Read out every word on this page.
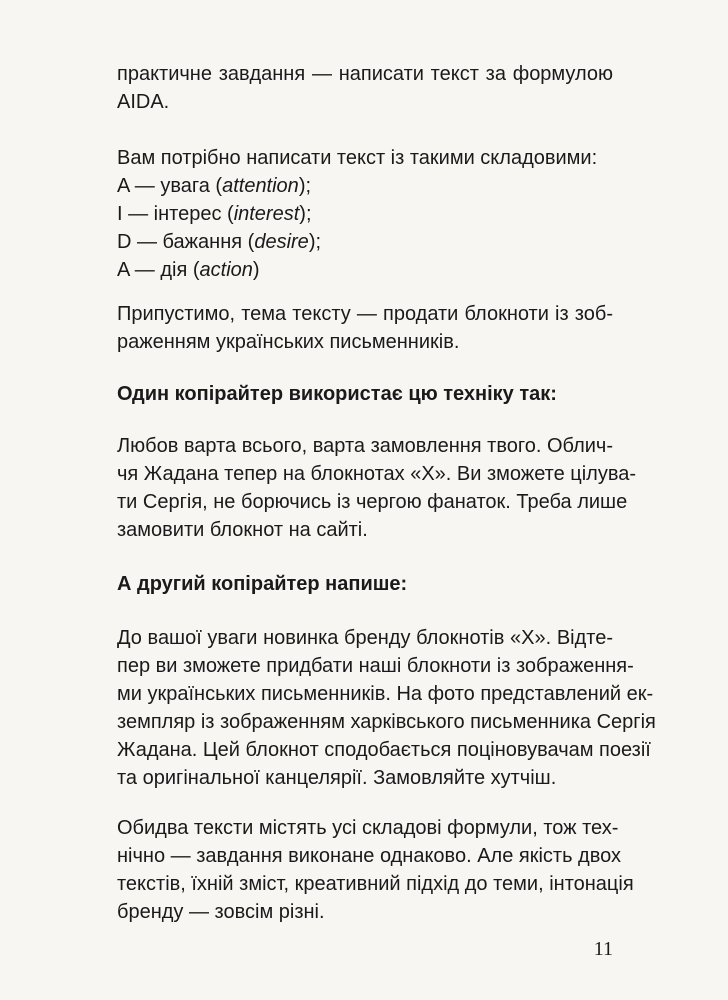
практичне завдання — написати текст за формулою
AIDA.
Вам потрібно написати текст із такими складовими:
A — увага (attention);
I — інтерес (interest);
D — бажання (desire);
A — дія (action)
Припустимо, тема тексту — продати блокноти із зоб-
раженням українських письменників.
Один копірайтер використає цю техніку так:
Любов варта всього, варта замовлення твого. Облич-
чя Жадана тепер на блокнотах «Х». Ви зможете цілува-
ти Сергія, не борючись із чергою фанаток. Треба лише
замовити блокнот на сайті.
А другий копірайтер напише:
До вашої уваги новинка бренду блокнотів «Х». Відте-
пер ви зможете придбати наші блокноти із зображення-
ми українських письменників. На фото представлений ек-
земпляр із зображенням харківського письменника Сергія
Жадана. Цей блокнот сподобається поціновувачам поезії
та оригінальної канцелярії. Замовляйте хутчіш.
Обидва тексти містять усі складові формули, тож тех-
нічно — завдання виконане однаково. Але якість двох
текстів, їхній зміст, креативний підхід до теми, інтонація
бренду — зовсім різні.
11
